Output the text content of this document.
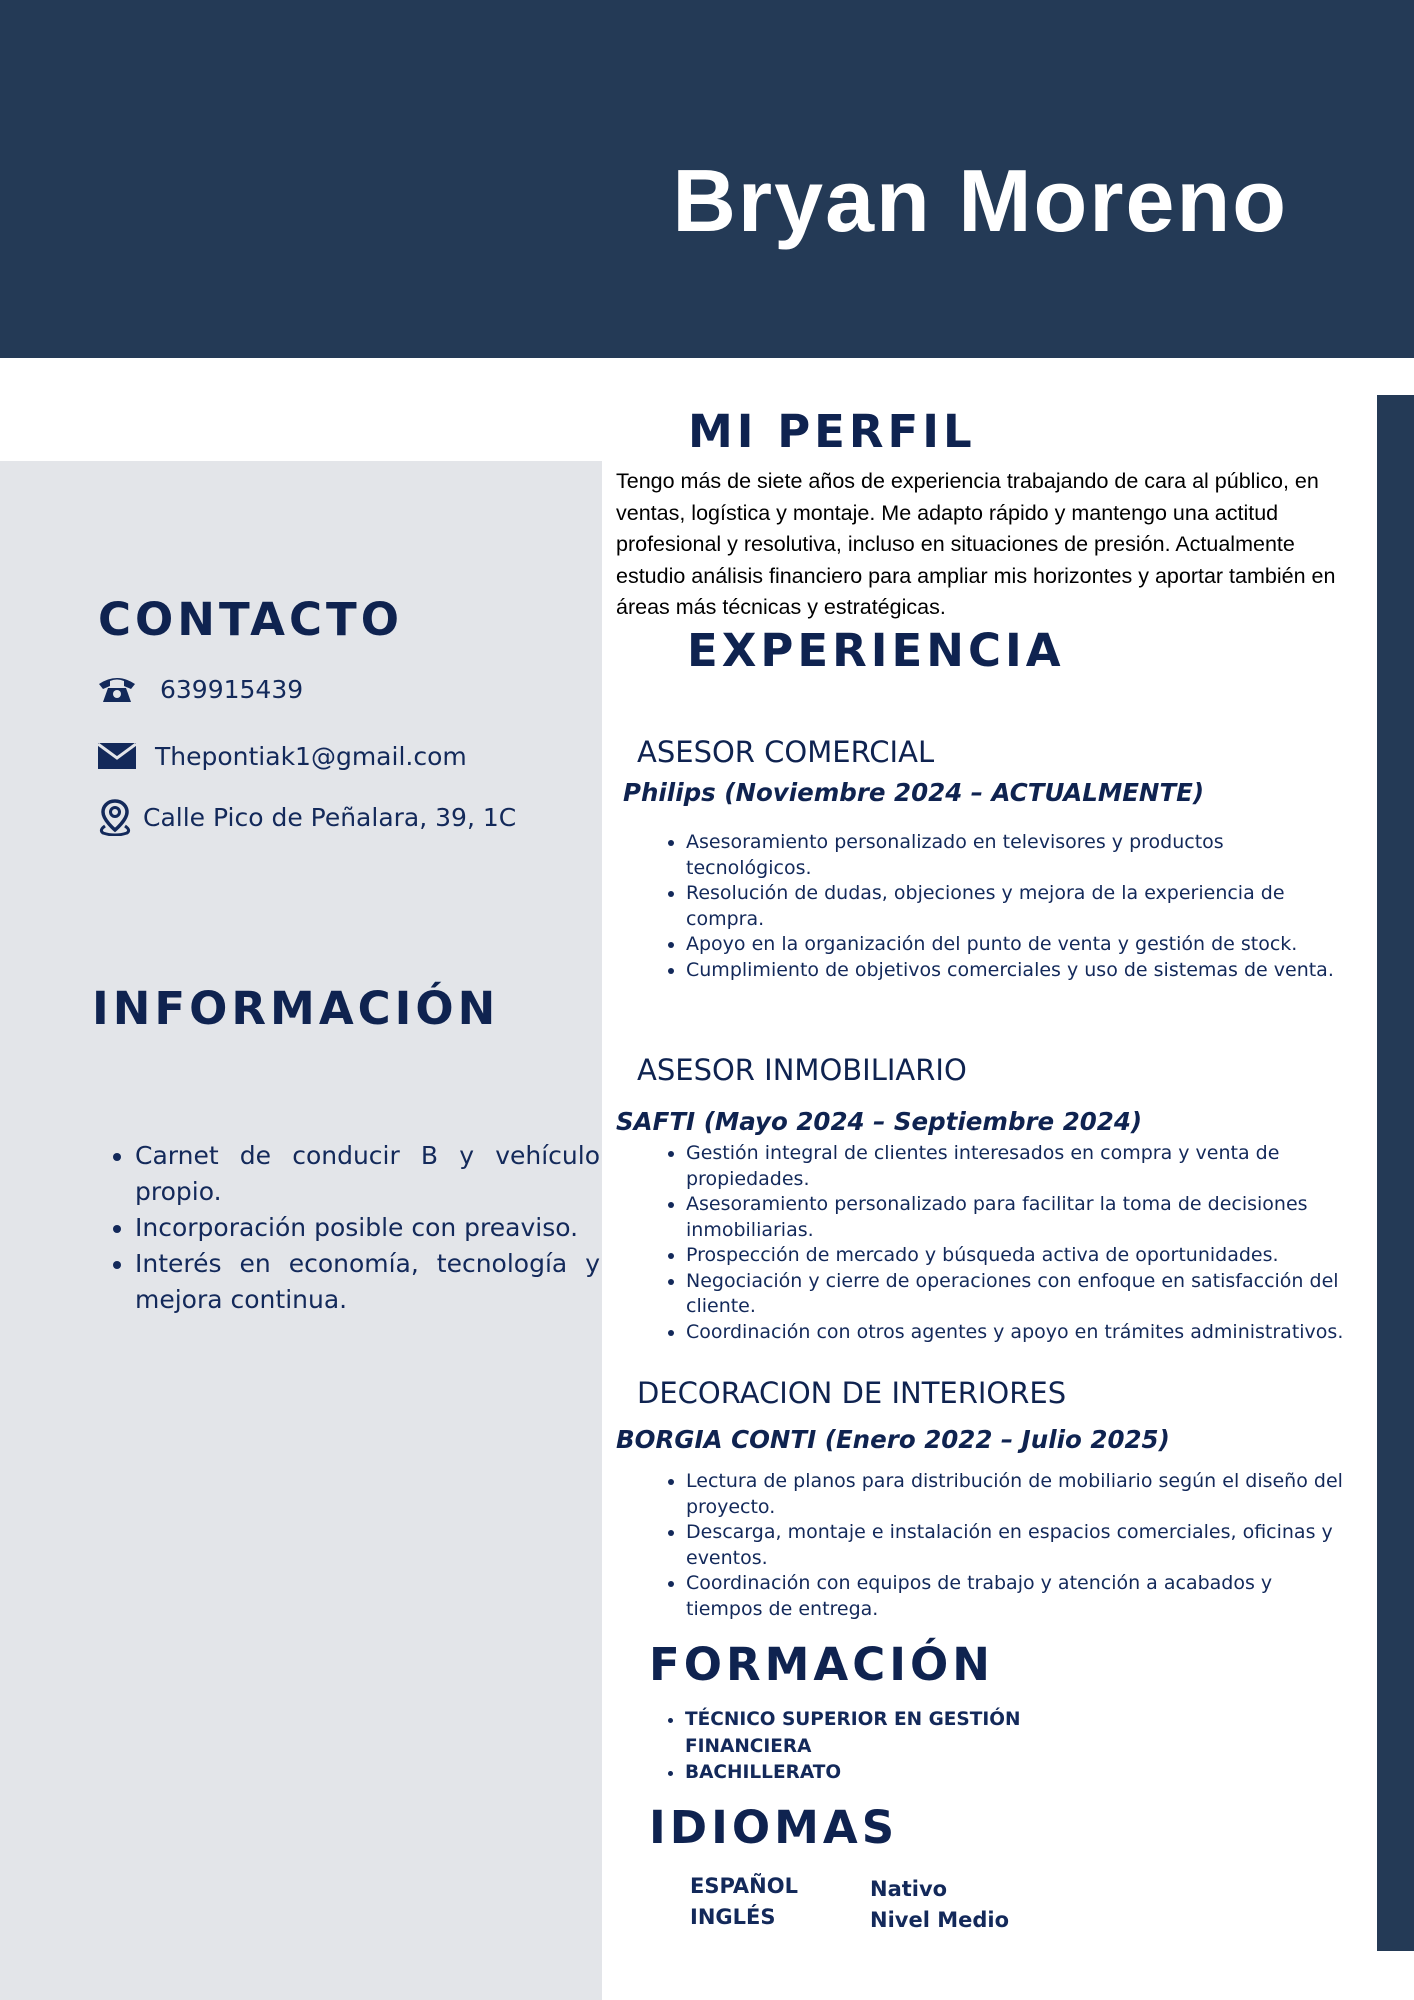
Bryan Moreno
CONTACTO
639915439
Thepontiak1@gmail.com
Calle Pico de Peñalara, 39, 1C
INFORMACIÓN
• Carnet de conducir B y vehículo propio.
• Incorporación posible con preaviso.
• Interés en economía, tecnología y mejora continua.
MI PERFIL

Tengo más de siete años de experiencia trabajando de cara al público, en ventas, logística y montaje. Me adapto rápido y mantengo una actitud profesional y resolutiva, incluso en situaciones de presión. Actualmente estudio análisis financiero para ampliar mis horizontes y aportar también en áreas más técnicas y estratégicas.

EXPERIENCIA
ASESOR COMERCIAL
Philips (Noviembre 2024 – ACTUALMENTE)
• Asesoramiento personalizado en televisores y productos tecnológicos.
• Resolución de dudas, objeciones y mejora de la experiencia de compra.
• Apoyo en la organización del punto de venta y gestión de stock.
• Cumplimiento de objetivos comerciales y uso de sistemas de venta.
ASESOR INMOBILIARIO
SAFTI (Mayo 2024 – Septiembre 2024)
• Gestión integral de clientes interesados en compra y venta de propiedades.
• Asesoramiento personalizado para facilitar la toma de decisiones inmobiliarias.
• Prospección de mercado y búsqueda activa de oportunidades.
• Negociación y cierre de operaciones con enfoque en satisfacción del cliente.
• Coordinación con otros agentes y apoyo en trámites administrativos.
DECORACION DE INTERIORES
BORGIA CONTI (Enero 2022 – Julio 2025)
• Lectura de planos para distribución de mobiliario según el diseño del proyecto.
• Descarga, montaje e instalación en espacios comerciales, oficinas y eventos.
• Coordinación con equipos de trabajo y atención a acabados y tiempos de entrega.
FORMACIÓN
• TÉCNICO SUPERIOR EN GESTIÓN FINANCIERA
• BACHILLERATO
IDIOMAS
ESPAÑOL	Nativo
INGLÉS	Nivel Medio
